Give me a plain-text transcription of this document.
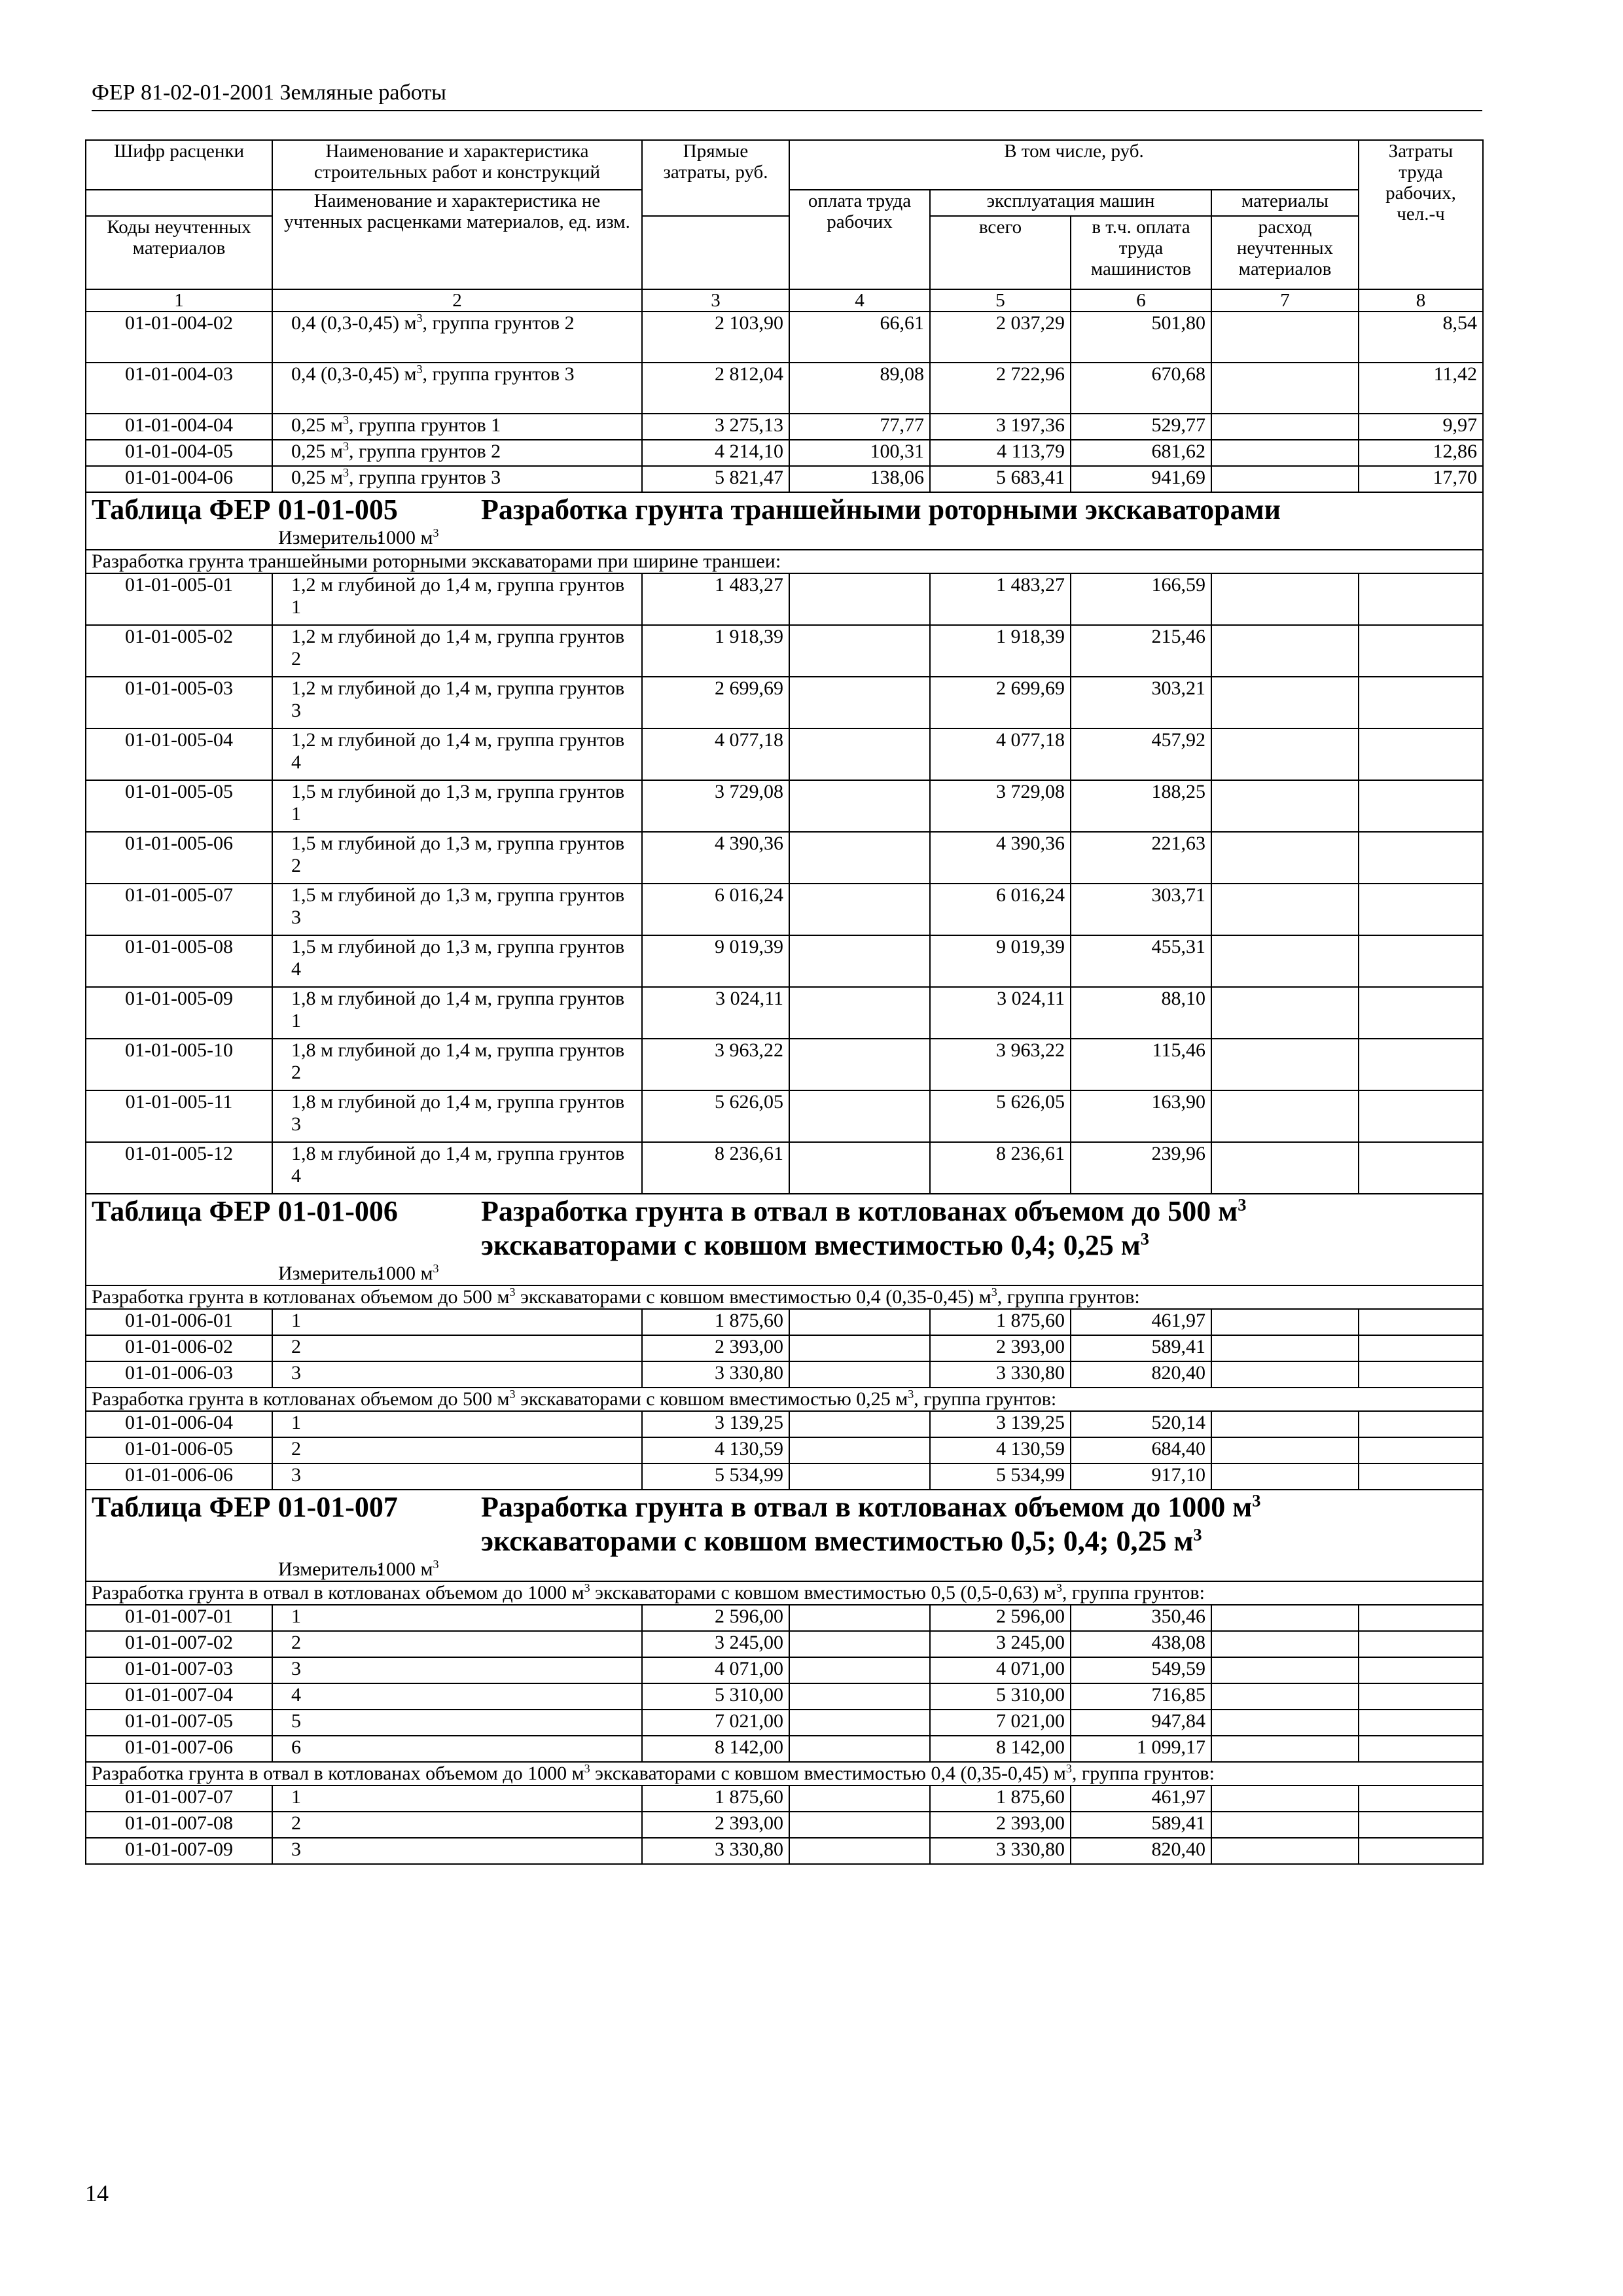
ФЕР 81-02-01-2001 Земляные работы
Шифр расценки	Наименование и характеристика строительных работ и конструкций	Прямые затраты, руб.	В том числе, руб.				Затраты труда рабочих, чел.-ч
	Наименование и характеристика не учтенных расценками материалов, ед. изм.		оплата труда рабочих	эксплуатация машин		материалы	
Коды неучтенных материалов				всего	в т.ч. оплата труда машинистов	расход неучтенных материалов	
1	2	3	4	5	6	7	8
01-01-004-02	0,4 (0,3-0,45) $м^3$, группа грунтов 2	2 103,90	66,61	2 037,29	501,80		8,54
01-01-004-03	0,4 (0,3-0,45) $м^3$, группа грунтов 3	2 812,04	89,08	2 722,96	670,68		11,42
01-01-004-04	0,25 $м^3$, группа грунтов 1	3 275,13	77,77	3 197,36	529,77		9,97
01-01-004-05	0,25 $м^3$, группа грунтов 2	4 214,10	100,31	4 113,79	681,62		12,86
01-01-004-06	0,25 $м^3$, группа грунтов 3	5 821,47	138,06	5 683,41	941,69		17,70

Таблица ФЕР 01-01-005 Разработка грунта траншейными роторными экскаваторами
Измеритель:1000 $м^3$

Разработка грунта траншейными роторными экскаваторами при ширине траншеи:							
01-01-005-01	1,2 м глубиной до 1,4 м, группа грунтов 1	1 483,27		1 483,27	166,59		
01-01-005-02	1,2 м глубиной до 1,4 м, группа грунтов 2	1 918,39		1 918,39	215,46		
01-01-005-03	1,2 м глубиной до 1,4 м, группа грунтов 3	2 699,69		2 699,69	303,21		
01-01-005-04	1,2 м глубиной до 1,4 м, группа грунтов 4	4 077,18		4 077,18	457,92		
01-01-005-05	1,5 м глубиной до 1,3 м, группа грунтов 1	3 729,08		3 729,08	188,25		
01-01-005-06	1,5 м глубиной до 1,3 м, группа грунтов 2	4 390,36		4 390,36	221,63		
01-01-005-07	1,5 м глубиной до 1,3 м, группа грунтов 3	6 016,24		6 016,24	303,71		
01-01-005-08	1,5 м глубиной до 1,3 м, группа грунтов 4	9 019,39		9 019,39	455,31		
01-01-005-09	1,8 м глубиной до 1,4 м, группа грунтов 1	3 024,11		3 024,11	88,10		
01-01-005-10	1,8 м глубиной до 1,4 м, группа грунтов 2	3 963,22		3 963,22	115,46		
01-01-005-11	1,8 м глубиной до 1,4 м, группа грунтов 3	5 626,05		5 626,05	163,90		
01-01-005-12	1,8 м глубиной до 1,4 м, группа грунтов 4	8 236,61		8 236,61	239,96		

Таблица ФЕР 01-01-006 Разработка грунта в отвал в котлованах объемом до 500 $м^3$
экскаваторами с ковшом вместимостью 0,4; 0,25 $м^3$
Измеритель:1000 $м^3$

Разработка грунта в котлованах объемом до 500 $м^3$ экскаваторами с ковшом вместимостью 0,4 (0,35-0,45) $м^3$, группа грунтов:							
01-01-006-01	1	1 875,60		1 875,60	461,97		
01-01-006-02	2	2 393,00		2 393,00	589,41		
01-01-006-03	3	3 330,80		3 330,80	820,40		
Разработка грунта в котлованах объемом до 500 $м^3$ экскаваторами с ковшом вместимостью 0,25 $м^3$, группа грунтов:							
01-01-006-04	1	3 139,25		3 139,25	520,14		
01-01-006-05	2	4 130,59		4 130,59	684,40		
01-01-006-06	3	5 534,99		5 534,99	917,10		

Таблица ФЕР 01-01-007 Разработка грунта в отвал в котлованах объемом до 1000 $м^3$
экскаваторами с ковшом вместимостью 0,5; 0,4; 0,25 $м^3$
Измеритель:1000 $м^3$

Разработка грунта в отвал в котлованах объемом до 1000 $м^3$ экскаваторами с ковшом вместимостью 0,5 (0,5-0,63) $м^3$, группа грунтов:							
01-01-007-01	1	2 596,00		2 596,00	350,46		
01-01-007-02	2	3 245,00		3 245,00	438,08		
01-01-007-03	3	4 071,00		4 071,00	549,59		
01-01-007-04	4	5 310,00		5 310,00	716,85		
01-01-007-05	5	7 021,00		7 021,00	947,84		
01-01-007-06	6	8 142,00		8 142,00	1 099,17		
Разработка грунта в отвал в котлованах объемом до 1000 $м^3$ экскаваторами с ковшом вместимостью 0,4 (0,35-0,45) $м^3$, группа грунтов:							
01-01-007-07	1	1 875,60		1 875,60	461,97		
01-01-007-08	2	2 393,00		2 393,00	589,41		
01-01-007-09	3	3 330,80		3 330,80	820,40		
14
